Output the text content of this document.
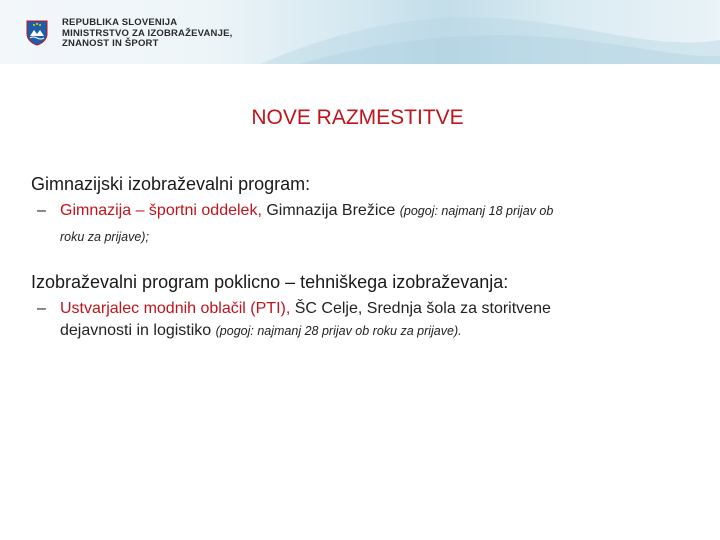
REPUBLIKA SLOVENIJA
MINISTRSTVO ZA IZOBRAŽEVANJE,
ZNANOST IN ŠPORT
NOVE RAZMESTITVE
Gimnazijski izobraževalni program:
– Gimnazija – športni oddelek, Gimnazija Brežice (pogoj: najmanj 18 prijav ob
roku za prijave);
Izobraževalni program poklicno – tehniškega izobraževanja:
– Ustvarjalec modnih oblačil (PTI), ŠC Celje, Srednja šola za storitvene
dejavnosti in logistiko (pogoj: najmanj 28 prijav ob roku za prijave).
